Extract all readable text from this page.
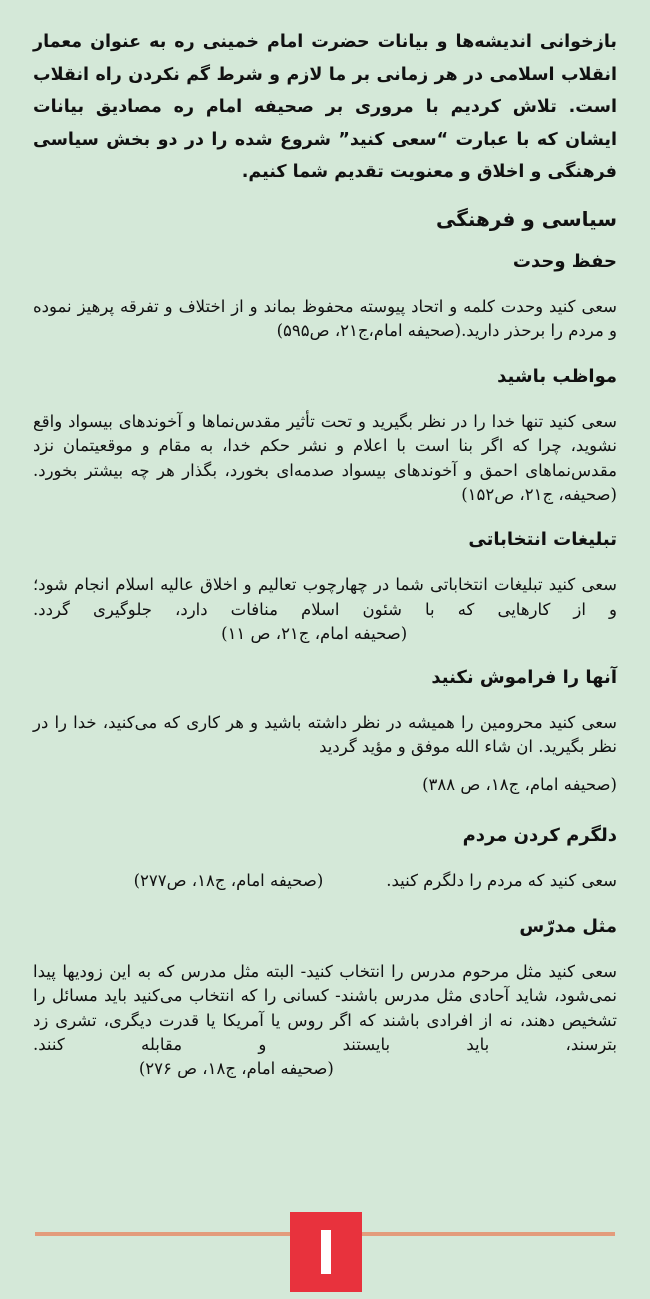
بازخوانی اندیشه‌ها و بیانات حضرت امام خمینی ره به عنوان معمار انقلاب اسلامی در هر زمانی بر ما لازم و شرط گم نکردن راه انقلاب است. تلاش کردیم با مروری بر صحیفه امام ره مصادیق بیانات ایشان که با عبارت “سعی کنید” شروع شده را در دو بخش سیاسی فرهنگی و اخلاق و معنویت تقدیم شما کنیم.

سیاسی و فرهنگی
حفظ وحدت

سعی کنید وحدت کلمه و اتحاد پیوسته محفوظ بماند و از اختلاف و تفرقه پرهیز نموده و مردم را برحذر دارید.(صحیفه امام،ج۲۱، ص۵۹۵)

مواظب باشید

سعی کنید تنها خدا را در نظر بگیرید و تحت تأثیر مقدس‌نماها و آخوندهای بیسواد واقع نشوید، چرا که اگر بنا است با اعلام و نشر حکم خدا، به مقام و موقعیتمان نزد مقدس‌نماهای احمق و آخوندهای بیسواد صدمه‌ای بخورد، بگذار هر چه بیشتر بخورد.(صحیفه، ج۲۱، ص۱۵۲)

تبلیغات انتخاباتی

سعی کنید تبلیغات انتخاباتی شما در چهارچوب تعالیم و اخلاق عالیه اسلام انجام شود؛ و از کارهایی که با شئون اسلام منافات دارد، جلوگیری گردد.                                         (صحیفه امام، ج۲۱، ص ۱۱)

آنها را فراموش نکنید

سعی کنید محرومین را همیشه در نظر داشته باشید و هر کاری که می‌کنید، خدا را در نظر بگیرید. ان شاء الله موفق و مؤید گردید

(صحیفه امام، ج۱۸، ص ۳۸۸)

دلگرم کردن مردم

سعی کنید که مردم را دلگرم کنید.            (صحیفه امام، ج۱۸، ص۲۷۷)

مثل مدرّس

سعی کنید مثل مرحوم مدرس را انتخاب کنید- البته مثل مدرس که به این زودیها پیدا نمی‌شود، شاید آحادی مثل مدرس باشند- کسانی را که انتخاب می‌کنید باید مسائل را تشخیص دهند، نه از افرادی باشند که اگر روس یا آمریکا یا قدرت دیگری، تشری زد بترسند، باید بایستند و مقابله کنند.                                                       (صحیفه امام، ج۱۸، ص ۲۷۶)
